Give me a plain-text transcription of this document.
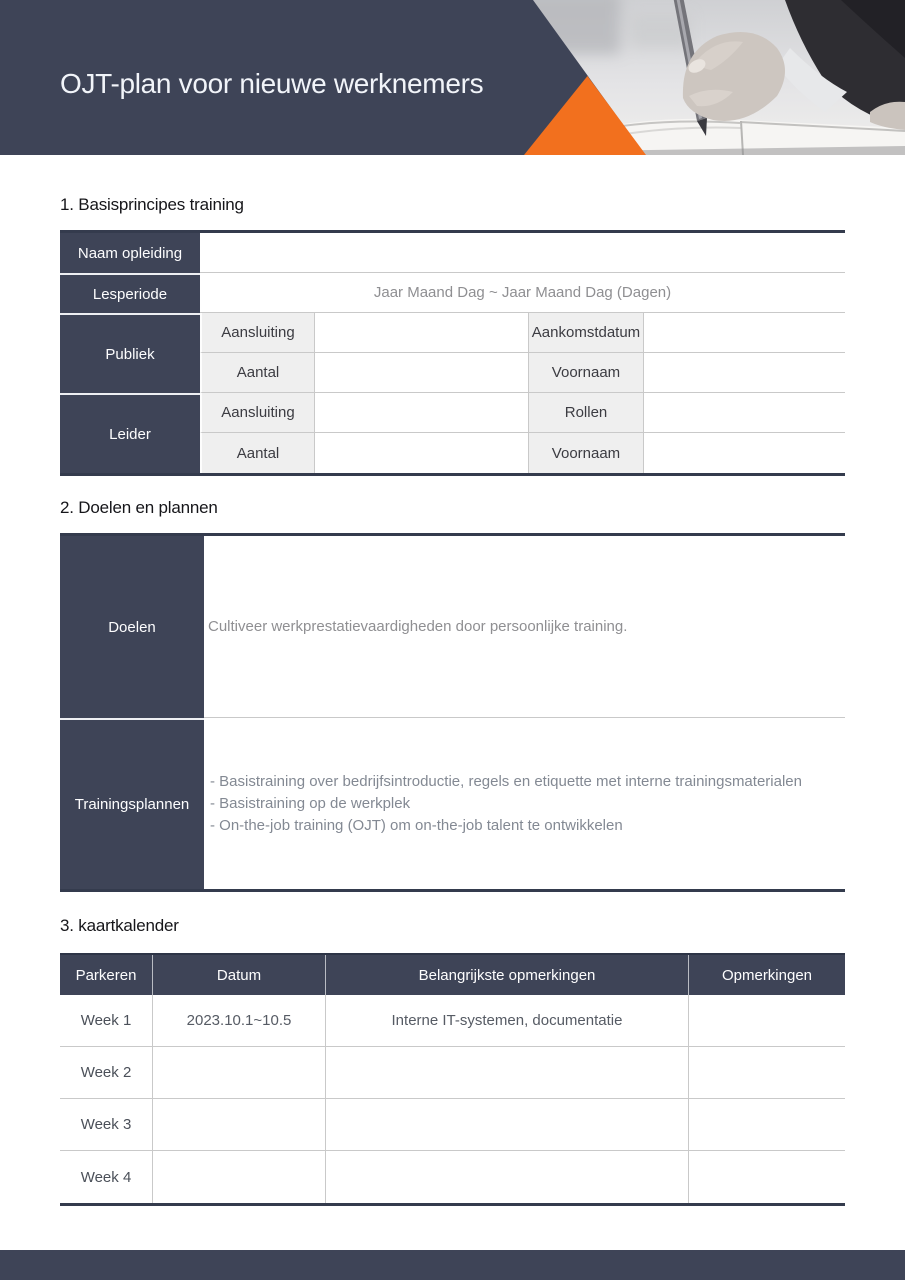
OJT-plan voor nieuwe werknemers
1. Basisprincipes training
Naam opleiding
Lesperiode	Jaar Maand Dag ~ Jaar Maand Dag (Dagen)
Publiek
Aansluiting	Aankomstdatum
Aantal	Voornaam
Leider
Aansluiting	Rollen
Aantal	Voornaam
2. Doelen en plannen
Doelen	Cultiveer werkprestatievaardigheden door persoonlijke training.
Trainingsplannen
- Basistraining over bedrijfsintroductie, regels en etiquette met interne trainingsmaterialen
- Basistraining op de werkplek
- On-the-job training (OJT) om on-the-job talent te ontwikkelen
3. kaartkalender
Parkeren	Datum	Belangrijkste opmerkingen	Opmerkingen
Week 1	2023.10.1~10.5	Interne IT-systemen, documentatie
Week 2
Week 3
Week 4
